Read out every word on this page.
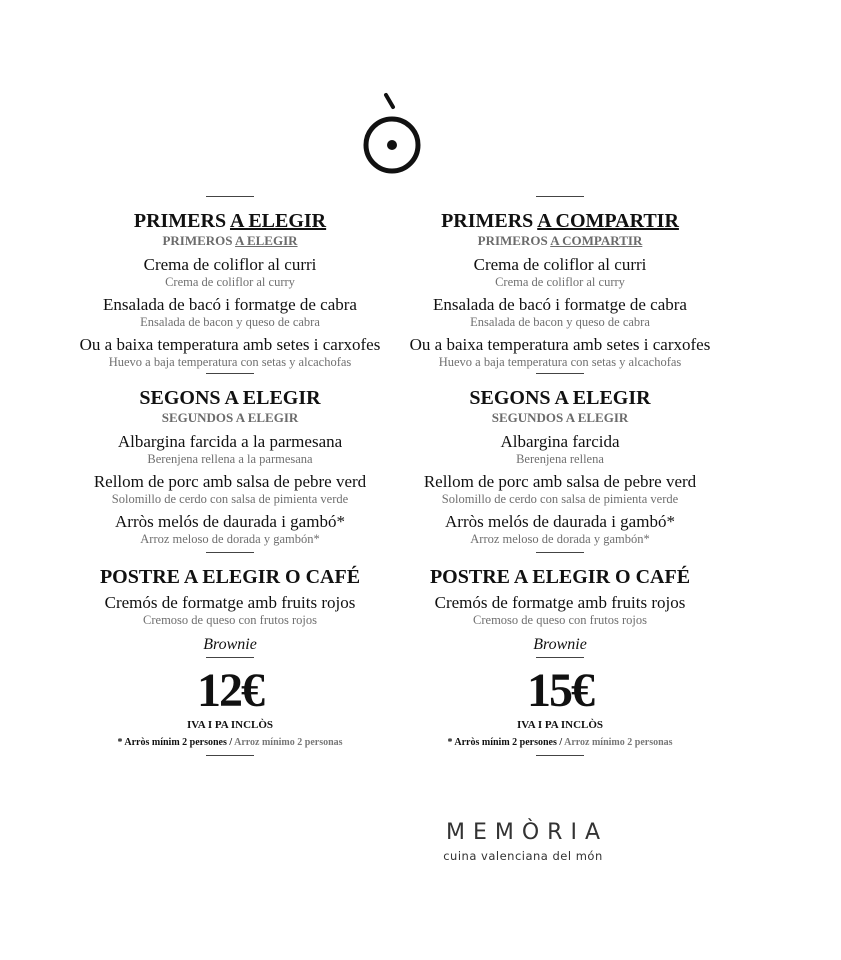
PRIMERS A ELEGIR
PRIMEROS A ELEGIR
Crema de coliflor al curri
Crema de coliflor al curry
Ensalada de bacó i formatge de cabra
Ensalada de bacon y queso de cabra
Ou a baixa temperatura amb setes i carxofes
Huevo a baja temperatura con setas y alcachofas
SEGONS A ELEGIR
SEGUNDOS A ELEGIR
Albargina farcida a la parmesana
Berenjena rellena a la parmesana
Rellom de porc amb salsa de pebre verd
Solomillo de cerdo con salsa de pimienta verde
Arròs melós de daurada i gambó*
Arroz meloso de dorada y gambón*
POSTRE A ELEGIR O CAFÉ
Cremós de formatge amb fruits rojos
Cremoso de queso con frutos rojos
Brownie
12€
IVA I PA INCLÒS
* Arròs mínim 2 persones / Arroz mínimo 2 personas
PRIMERS A COMPARTIR
PRIMEROS A COMPARTIR
Crema de coliflor al curri
Crema de coliflor al curry
Ensalada de bacó i formatge de cabra
Ensalada de bacon y queso de cabra
Ou a baixa temperatura amb setes i carxofes
Huevo a baja temperatura con setas y alcachofas
SEGONS A ELEGIR
SEGUNDOS A ELEGIR
Albargina farcida
Berenjena rellena
Rellom de porc amb salsa de pebre verd
Solomillo de cerdo con salsa de pimienta verde
Arròs melós de daurada i gambó*
Arroz meloso de dorada y gambón*
POSTRE A ELEGIR O CAFÉ
Cremós de formatge amb fruits rojos
Cremoso de queso con frutos rojos
Brownie
15€
IVA I PA INCLÒS
* Arròs mínim 2 persones / Arroz mínimo 2 personas
MEMÒRIA
cuina valenciana del món
